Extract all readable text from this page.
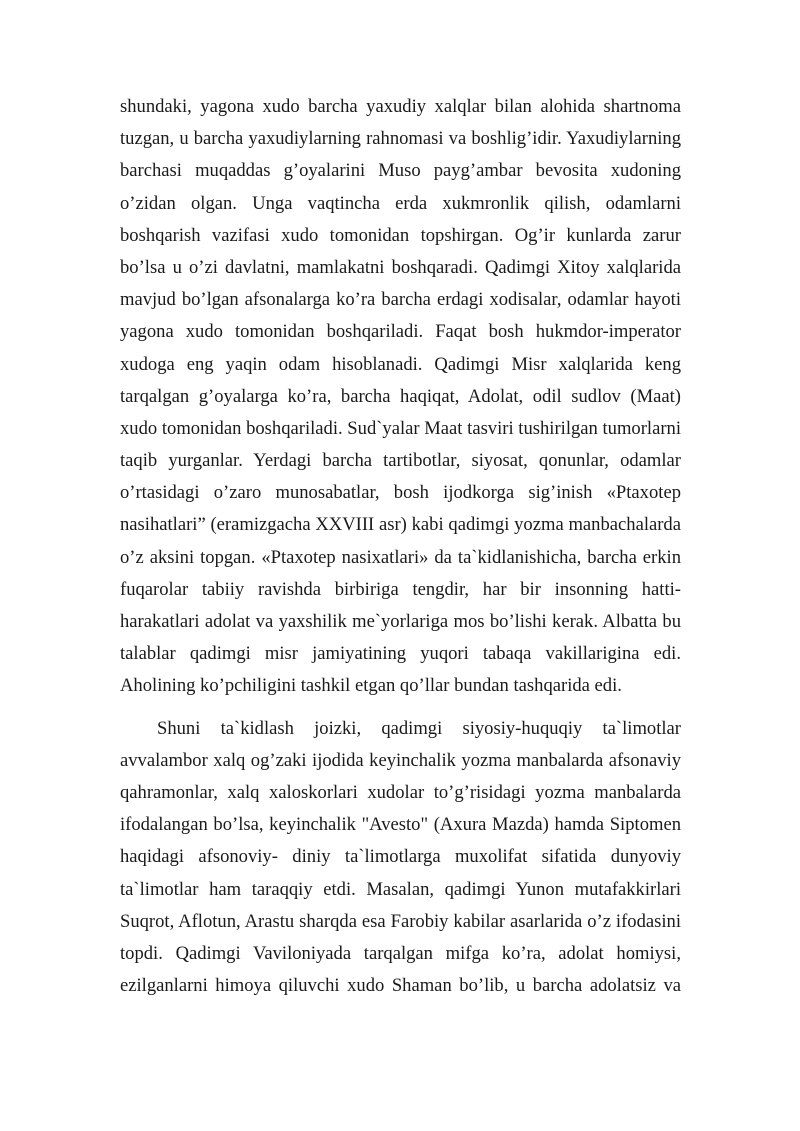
shundaki, yagona xudo barcha yaxudiy xalqlar bilan alohida shartnoma
tuzgan, u barcha yaxudiylarning rahnomasi va boshlig’idir. Yaxudiylarning
barchasi muqaddas g’oyalarini Muso payg’ambar bevosita xudoning
o’zidan olgan. Unga vaqtincha erda xukmronlik qilish, odamlarni
boshqarish vazifasi xudo tomonidan topshirgan. Og’ir kunlarda zarur
bo’lsa u o’zi davlatni, mamlakatni boshqaradi. Qadimgi Xitoy xalqlarida
mavjud bo’lgan afsonalarga ko’ra barcha erdagi xodisalar, odamlar hayoti
yagona xudo tomonidan boshqariladi. Faqat bosh hukmdor-imperator
xudoga eng yaqin odam hisoblanadi. Qadimgi Misr xalqlarida keng
tarqalgan g’oyalarga ko’ra, barcha haqiqat, Adolat, odil sudlov (Maat)
xudo tomonidan boshqariladi. Sud`yalar Maat tasviri tushirilgan tumorlarni
taqib yurganlar. Yerdagi barcha tartibotlar, siyosat, qonunlar, odamlar
o’rtasidagi o’zaro munosabatlar, bosh ijodkorga sig’inish «Ptaxotep
nasihatlari” (eramizgacha XXVIII asr) kabi qadimgi yozma manbachalarda
o’z aksini topgan. «Ptaxotep nasixatlari» da ta`kidlanishicha, barcha erkin
fuqarolar tabiiy ravishda birbiriga tengdir, har bir insonning hatti-
harakatlari adolat va yaxshilik me`yorlariga mos bo’lishi kerak. Albatta bu
talablar qadimgi misr jamiyatining yuqori tabaqa vakillarigina edi.
Aholining ko’pchiligini tashkil etgan qo’llar bundan tashqarida edi.

Shuni ta`kidlash joizki, qadimgi siyosiy-huquqiy ta`limotlar
avvalambor xalq og’zaki ijodida keyinchalik yozma manbalarda afsonaviy
qahramonlar, xalq xaloskorlari xudolar to’g’risidagi yozma manbalarda
ifodalangan bo’lsa, keyinchalik "Avesto" (Axura Mazda) hamda Siptomen
haqidagi afsonoviy- diniy ta`limotlarga muxolifat sifatida dunyoviy
ta`limotlar ham taraqqiy etdi. Masalan, qadimgi Yunon mutafakkirlari
Suqrot, Aflotun, Arastu sharqda esa Farobiy kabilar asarlarida o’z ifodasini
topdi. Qadimgi Vaviloniyada tarqalgan mifga ko’ra, adolat homiysi,
ezilganlarni himoya qiluvchi xudo Shaman bo’lib, u barcha adolatsiz va
